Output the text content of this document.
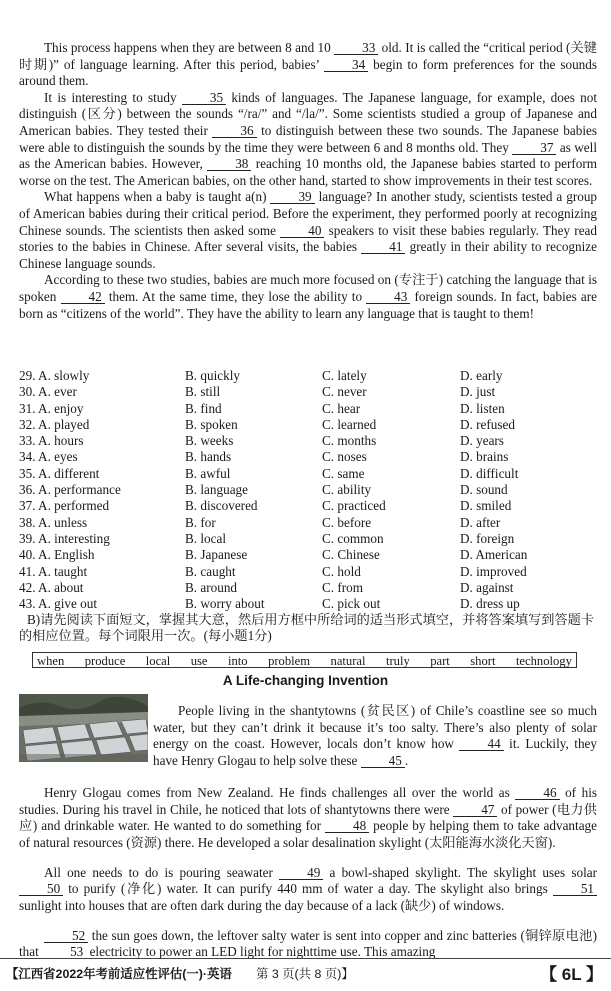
This process happens when they are between 8 and 10 33 old. It is called the “critical period (关键时期)” of language learning. After this period, babies’ 34 begin to form preferences for the sounds around them.

It is interesting to study 35 kinds of languages. The Japanese language, for example, does not distinguish (区分) between the sounds “/ra/” and “/la/”. Some scientists studied a group of Japanese and American babies. They tested their 36 to distinguish between these two sounds. The Japanese babies were able to distinguish the sounds by the time they were between 6 and 8 months old. They 37 as well as the American babies. However, 38 reaching 10 months old, the Japanese babies started to perform worse on the test. The American babies, on the other hand, started to show improvements in their test scores.

What happens when a baby is taught a(n) 39 language? In another study, scientists tested a group of American babies during their critical period. Before the experiment, they performed poorly at recognizing Chinese sounds. The scientists then asked some 40 speakers to visit these babies regularly. They read stories to the babies in Chinese. After several visits, the babies 41 greatly in their ability to recognize Chinese language sounds.

According to these two studies, babies are much more focused on (专注于) catching the language that is spoken 42 them. At the same time, they lose the ability to 43 foreign sounds. In fact, babies are born as “citizens of the world”. They have the ability to learn any language that is taught to them!

29. A. slowly	B. quickly	C. lately	D. early
30. A. ever	B. still	C. never	D. just
31. A. enjoy	B. find	C. hear	D. listen
32. A. played	B. spoken	C. learned	D. refused
33. A. hours	B. weeks	C. months	D. years
34. A. eyes	B. hands	C. noses	D. brains
35. A. different	B. awful	C. same	D. difficult
36. A. performance	B. language	C. ability	D. sound
37. A. performed	B. discovered	C. practiced	D. smiled
38. A. unless	B. for	C. before	D. after
39. A. interesting	B. local	C. common	D. foreign
40. A. English	B. Japanese	C. Chinese	D. American
41. A. taught	B. caught	C. hold	D. improved
42. A. about	B. around	C. from	D. against
43. A. give out	B. worry about	C. pick out	D. dress up
B)请先阅读下面短文，掌握其大意，然后用方框中所给词的适当形式填空，并将答案填写到答题卡的相应位置。每个词限用一次。(每小题1分)
when produce local use into problem natural truly part short technology
A Life-changing Invention

People living in the shantytowns (贫民区) of Chile’s coastline see so much water, but they can’t drink it because it’s too salty. There’s also plenty of solar energy on the coast. However, locals don’t know how 44 it. Luckily, they have Henry Glogau to help solve these 45 .

Henry Glogau comes from New Zealand. He finds challenges all over the world as 46 of his studies. During his travel in Chile, he noticed that lots of shantytowns there were 47 of power (电力供应) and drinkable water. He wanted to do something for 48 people by helping them to take advantage of natural resources (资源) there. He developed a solar desalination skylight (太阳能海水淡化天窗).

All one needs to do is pouring seawater 49 a bowl-shaped skylight. The skylight uses solar 50 to purify (净化) water. It can purify 440 mm of water a day. The skylight also brings 51 sunlight into houses that are often dark during the day because of a lack (缺少) of windows.

52 the sun goes down, the leftover salty water is sent into copper and zinc batteries (铜锌原电池) that 53 electricity to power an LED light for nighttime use. This amazing

【江西省2022年考前适应性评估(一)·英语 第 3 页(共 8 页)】	【 6L 】
